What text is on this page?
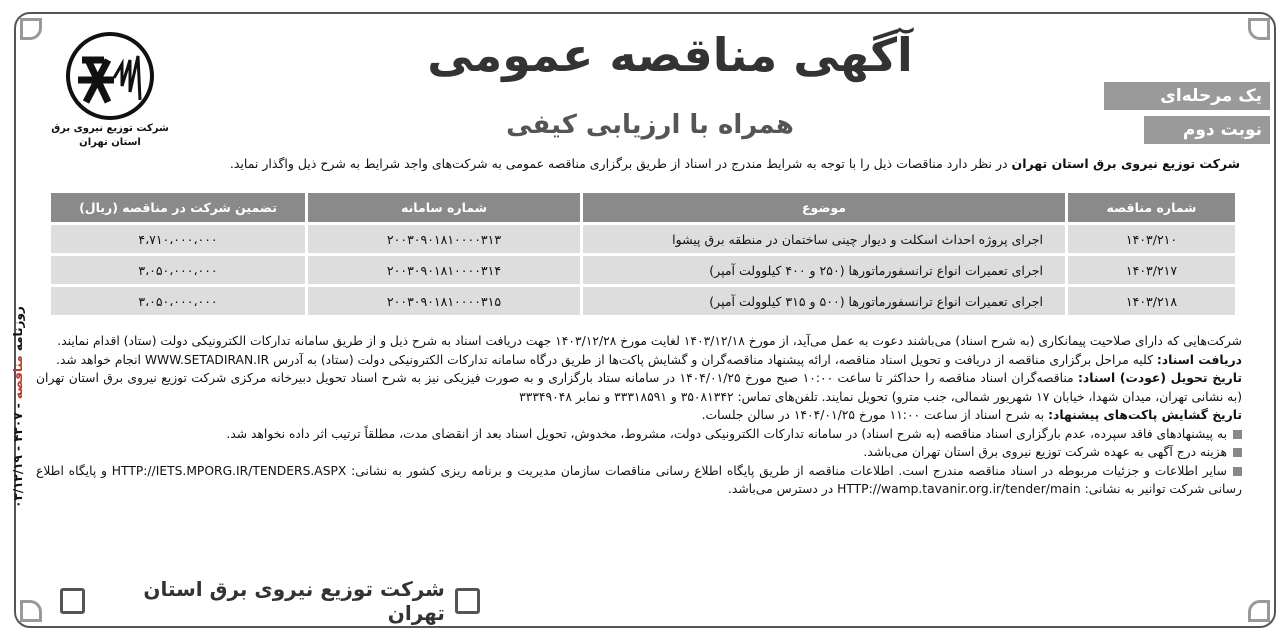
شرکت توزیع نیروی برق
استان تهران
آگهی مناقصه عمومی
همراه با ارزیابی کیفی
یک مرحله‌ای
نوبت دوم
شرکت توزیع نیروی برق استان تهران در نظر دارد مناقصات ذیل را با توجه به شرایط مندرج در اسناد از طریق برگزاری مناقصه عمومی به شرکت‌های واجد شرایط به شرح ذیل واگذار نماید.
شماره مناقصه	موضوع	شماره سامانه	تضمین شرکت در مناقصه (ریال)
۱۴۰۳/۲۱۰	اجرای پروژه احداث اسکلت و دیوار چینی ساختمان در منطقه برق پیشوا	۲۰۰۳۰۹۰۱۸۱۰۰۰۰۳۱۳	۴،۷۱۰،۰۰۰،۰۰۰
۱۴۰۳/۲۱۷	اجرای تعمیرات انواع ترانسفورماتورها (۲۵۰ و ۴۰۰ کیلوولت آمپر)	۲۰۰۳۰۹۰۱۸۱۰۰۰۰۳۱۴	۳،۰۵۰،۰۰۰،۰۰۰
۱۴۰۳/۲۱۸	اجرای تعمیرات انواع ترانسفورماتورها (۵۰۰ و ۳۱۵ کیلوولت آمپر)	۲۰۰۳۰۹۰۱۸۱۰۰۰۰۳۱۵	۳،۰۵۰،۰۰۰،۰۰۰

شرکت‌هایی که دارای صلاحیت پیمانکاری (به شرح اسناد) می‌باشند دعوت به عمل می‌آید، از مورخ ۱۴۰۳/۱۲/۱۸ لغایت مورخ ۱۴۰۳/۱۲/۲۸ جهت دریافت اسناد به شرح ذیل و از طریق سامانه تدارکات الکترونیکی دولت (ستاد) اقدام نمایند.

دریافت اسناد: کلیه مراحل برگزاری مناقصه از دریافت و تحویل اسناد مناقصه، ارائه پیشنهاد مناقصه‌گران و گشایش پاکت‌ها از طریق درگاه سامانه تدارکات الکترونیکی دولت (ستاد) به آدرس WWW.SETADIRAN.IR انجام خواهد شد.

تاریخ تحویل (عودت) اسناد: مناقصه‌گران اسناد مناقصه را حداکثر تا ساعت ۱۰:۰۰ صبح مورخ ۱۴۰۴/۰۱/۲۵ در سامانه ستاد بارگزاری و به صورت فیزیکی نیز به شرح اسناد تحویل دبیرخانه مرکزی شرکت توزیع نیروی برق استان تهران (به نشانی تهران، میدان شهدا، خیابان ۱۷ شهریور شمالی، جنب مترو) تحویل نمایند. تلفن‌های تماس: ۳۵۰۸۱۳۴۲ و ۳۳۳۱۸۵۹۱ و نمابر ۳۳۳۴۹۰۴۸

تاریخ گشایش پاکت‌های پیشنهاد: به شرح اسناد از ساعت ۱۱:۰۰ مورخ ۱۴۰۴/۰۱/۲۵ در سالن جلسات.

به پیشنهادهای فاقد سپرده، عدم بارگزاری اسناد مناقصه (به شرح اسناد) در سامانه تدارکات الکترونیکی دولت، مشروط، مخدوش، تحویل اسناد بعد از انقضای مدت، مطلقاً ترتیب اثر داده نخواهد شد.

هزینه درج آگهی به عهده شرکت توزیع نیروی برق استان تهران می‌باشد.

سایر اطلاعات و جزئیات مربوطه در اسناد مناقصه مندرج است. اطلاعات مناقصه از طریق پایگاه اطلاع رسانی مناقصات سازمان مدیریت و برنامه ریزی کشور به نشانی: HTTP://IETS.MPORG.IR/TENDERS.ASPX و پایگاه اطلاع رسانی شرکت توانیر به نشانی: HTTP://wamp.tavanir.org.ir/tender/main در دسترس می‌باشد.

شرکت توزیع نیروی برق استان تهران
روزنامه مناقصه - ۴۳۰۷ - ۰۳/۱۲/۱۹
